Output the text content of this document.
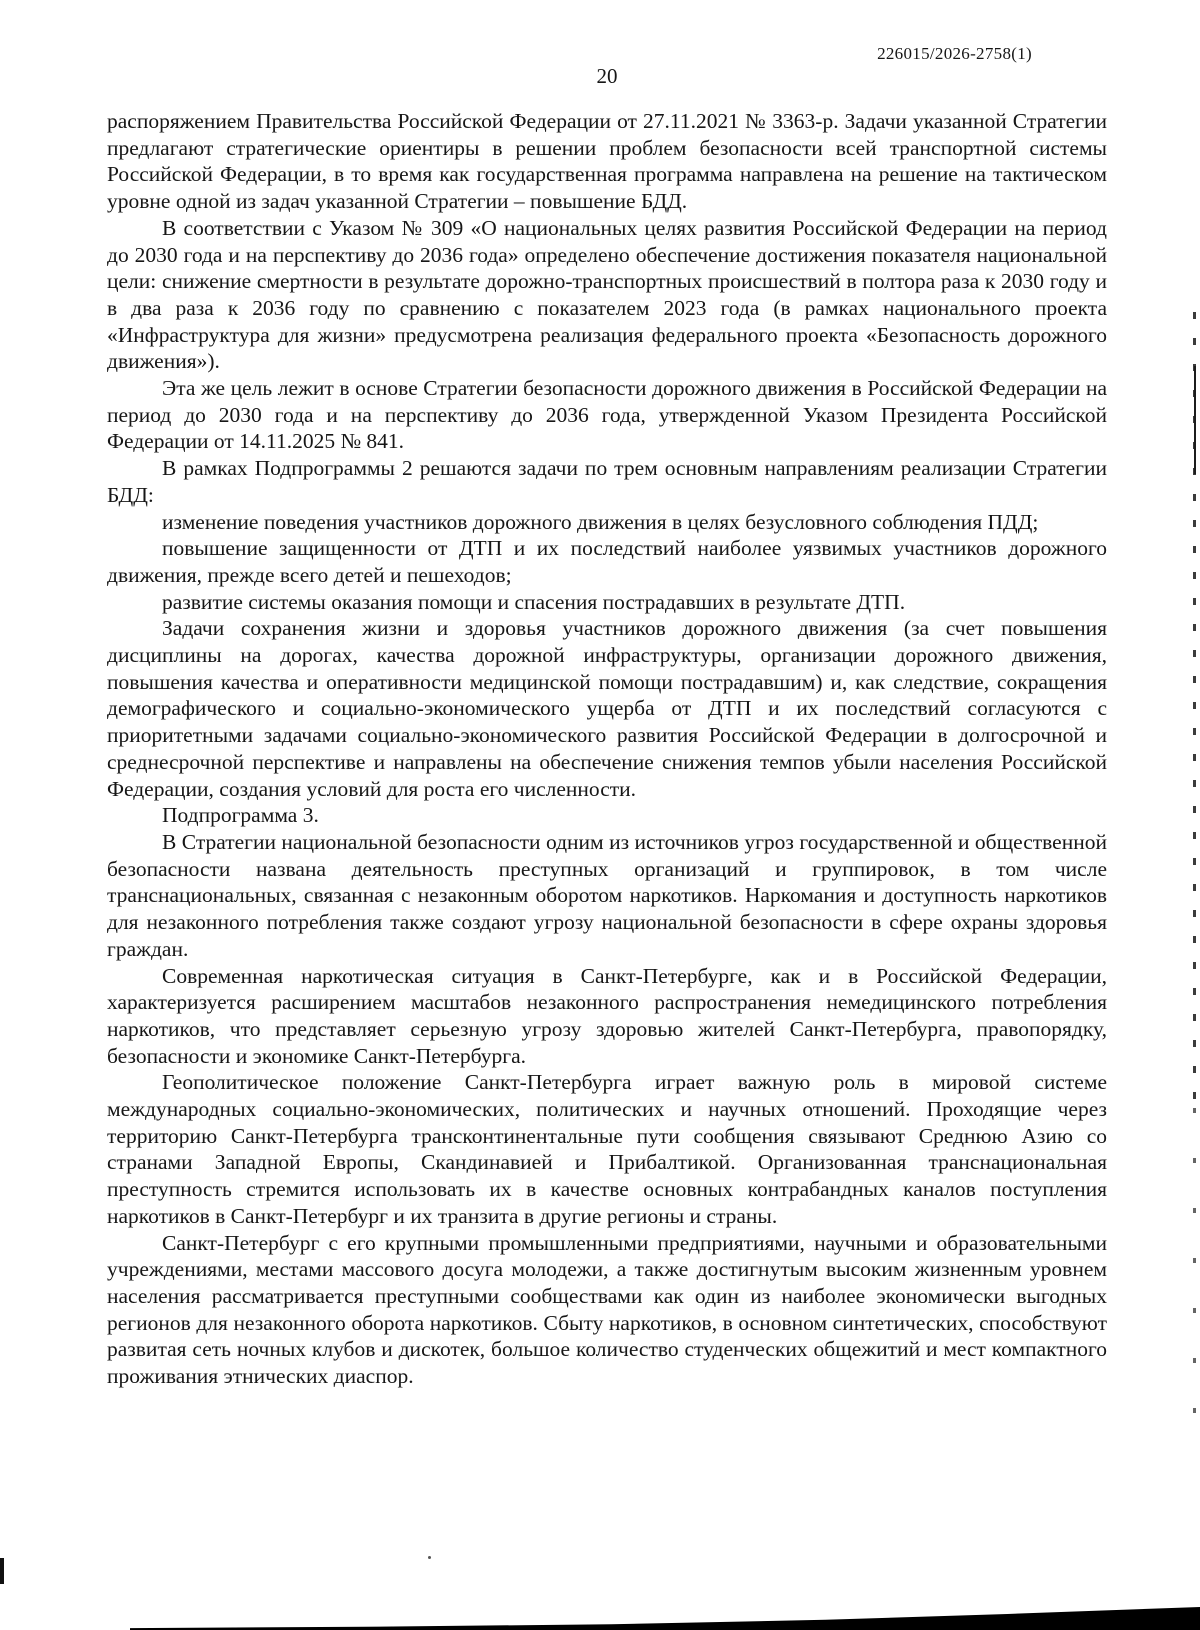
226015/2026-2758(1)
20

распоряжением Правительства Российской Федерации от 27.11.2021 № 3363-р. Задачи указанной Стратегии предлагают стратегические ориентиры в решении проблем безопасности всей транспортной системы Российской Федерации, в то время как государственная программа направлена на решение на тактическом уровне одной из задач указанной Стратегии – повышение БДД.

В соответствии с Указом № 309 «О национальных целях развития Российской Федерации на период до 2030 года и на перспективу до 2036 года» определено обеспечение достижения показателя национальной цели: снижение смертности в результате дорожно-транспортных происшествий в полтора раза к 2030 году и в два раза к 2036 году по сравнению с показателем 2023 года (в рамках национального проекта «Инфраструктура для жизни» предусмотрена реализация федерального проекта «Безопасность дорожного движения»).

Эта же цель лежит в основе Стратегии безопасности дорожного движения в Российской Федерации на период до 2030 года и на перспективу до 2036 года, утвержденной Указом Президента Российской Федерации от 14.11.2025 № 841.

В рамках Подпрограммы 2 решаются задачи по трем основным направлениям реализации Стратегии БДД:

изменение поведения участников дорожного движения в целях безусловного соблюдения ПДД;

повышение защищенности от ДТП и их последствий наиболее уязвимых участников дорожного движения, прежде всего детей и пешеходов;

развитие системы оказания помощи и спасения пострадавших в результате ДТП.

Задачи сохранения жизни и здоровья участников дорожного движения (за счет повышения дисциплины на дорогах, качества дорожной инфраструктуры, организации дорожного движения, повышения качества и оперативности медицинской помощи пострадавшим) и, как следствие, сокращения демографического и социально-экономического ущерба от ДТП и их последствий согласуются с приоритетными задачами социально-экономического развития Российской Федерации в долгосрочной и среднесрочной перспективе и направлены на обеспечение снижения темпов убыли населения Российской Федерации, создания условий для роста его численности.

Подпрограмма 3.

В Стратегии национальной безопасности одним из источников угроз государственной и общественной безопасности названа деятельность преступных организаций и группировок, в том числе транснациональных, связанная с незаконным оборотом наркотиков. Наркомания и доступность наркотиков для незаконного потребления также создают угрозу национальной безопасности в сфере охраны здоровья граждан.

Современная наркотическая ситуация в Санкт-Петербурге, как и в Российской Федерации, характеризуется расширением масштабов незаконного распространения немедицинского потребления наркотиков, что представляет серьезную угрозу здоровью жителей Санкт-Петербурга, правопорядку, безопасности и экономике Санкт-Петербурга.

Геополитическое положение Санкт-Петербурга играет важную роль в мировой системе международных социально-экономических, политических и научных отношений. Проходящие через территорию Санкт-Петербурга трансконтинентальные пути сообщения связывают Среднюю Азию со странами Западной Европы, Скандинавией и Прибалтикой. Организованная транснациональная преступность стремится использовать их в качестве основных контрабандных каналов поступления наркотиков в Санкт-Петербург и их транзита в другие регионы и страны.

Санкт-Петербург с его крупными промышленными предприятиями, научными и образовательными учреждениями, местами массового досуга молодежи, а также достигнутым высоким жизненным уровнем населения рассматривается преступными сообществами как один из наиболее экономически выгодных регионов для незаконного оборота наркотиков. Сбыту наркотиков, в основном синтетических, способствуют развитая сеть ночных клубов и дискотек, большое количество студенческих общежитий и мест компактного проживания этнических диаспор.
